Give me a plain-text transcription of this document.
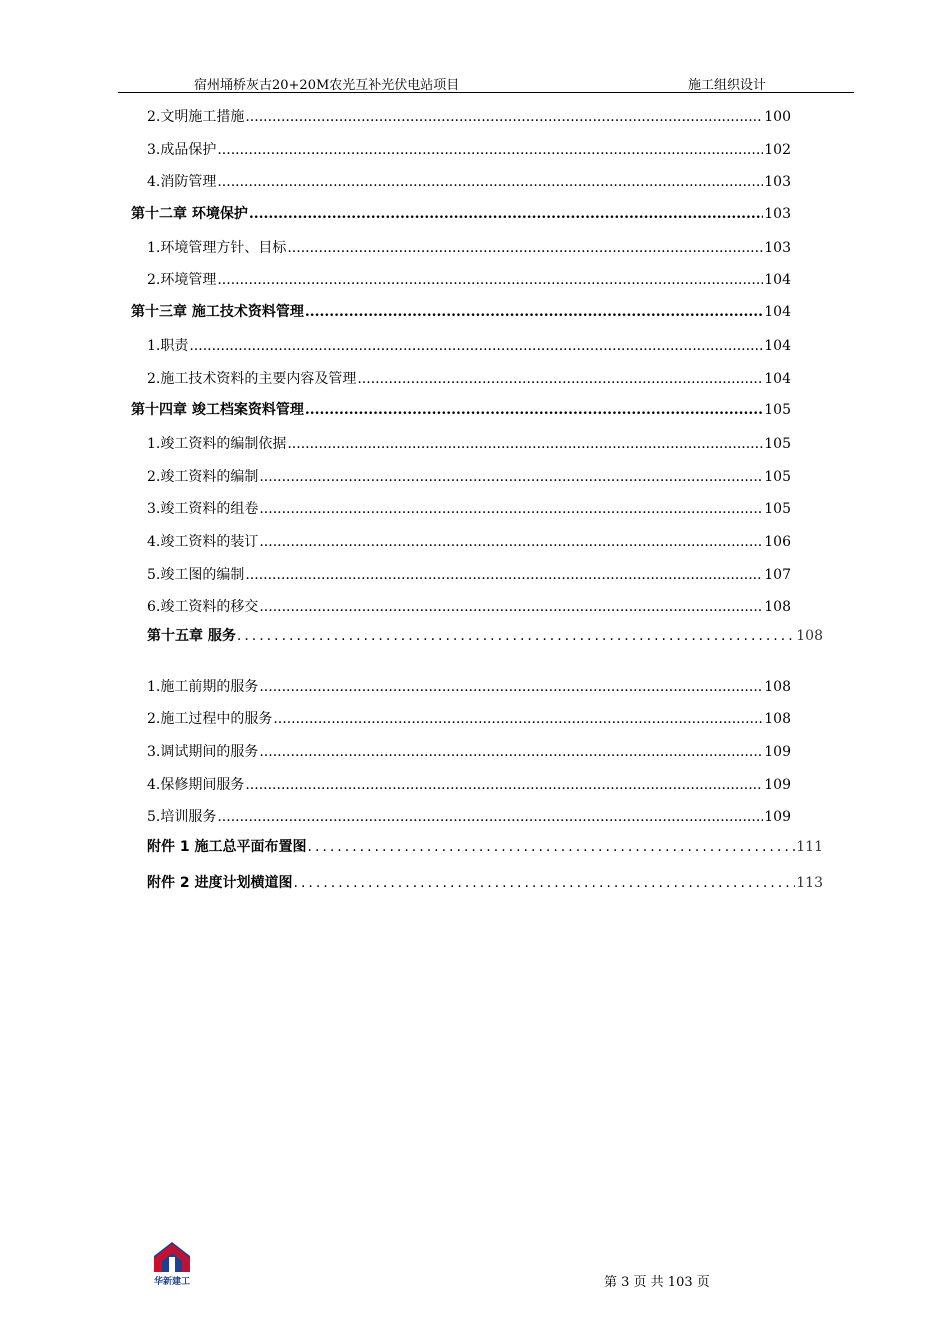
宿州埇桥灰古20+20M农光互补光伏电站项目	施工组织设计
2.文明施工措施 .....	100
3.成品保护 .....	102
4.消防管理 .....	103
第十二章 环境保护 .....	103
1.环境管理方针、目标 .....	103
2.环境管理 .....	104
第十三章 施工技术资料管理 .....	104
1.职责 .....	104
2.施工技术资料的主要内容及管理 .....	104
第十四章 竣工档案资料管理 .....	105
1.竣工资料的编制依据 .....	105
2.竣工资料的编制 .....	105
3.竣工资料的组卷 .....	105
4.竣工资料的装订 .....	106
5.竣工图的编制 .....	107
6.竣工资料的移交 .....	108
第十五章 服务 .....	108
1.施工前期的服务 .....	108
2.施工过程中的服务 .....	108
3.调试期间的服务 .....	109
4.保修期间服务 .....	109
5.培训服务 .....	109
附件 1 施工总平面布置图 .....	111
附件 2 进度计划横道图 .....	113
华新建工	第 3 页 共 103 页
